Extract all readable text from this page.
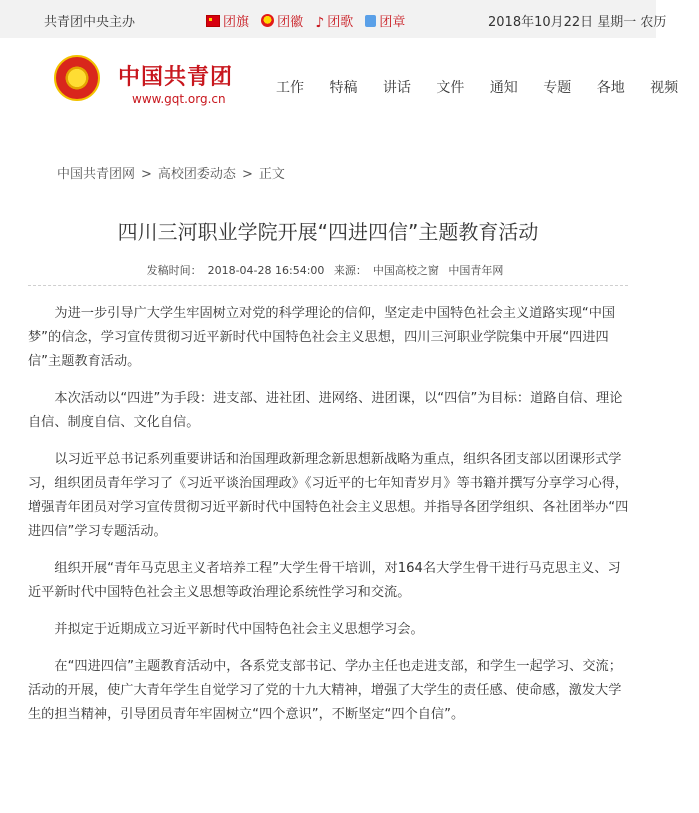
共青团中央主办	团旗 团徽 ♪ 团歌 团章	2018年10月22日 星期一 农历
中国共青团
www.gqt.org.cn
工作 特稿 讲话 文件 通知 专题 各地 视频
中国共青团网 > 高校团委动态 > 正文
四川三河职业学院开展“四进四信”主题教育活动
发稿时间： 2018-04-28 16:54:00 来源： 中国高校之窗 中国青年网

为进一步引导广大学生牢固树立对党的科学理论的信仰，坚定走中国特色社会主义道路实现“中国梦”的信念，学习宣传贯彻习近平新时代中国特色社会主义思想，四川三河职业学院集中开展“四进四信”主题教育活动。

本次活动以“四进”为手段：进支部、进社团、进网络、进团课，以“四信”为目标：道路自信、理论自信、制度自信、文化自信。

以习近平总书记系列重要讲话和治国理政新理念新思想新战略为重点，组织各团支部以团课形式学习，组织团员青年学习了《习近平谈治国理政》《习近平的七年知青岁月》等书籍并撰写分享学习心得，增强青年团员对学习宣传贯彻习近平新时代中国特色社会主义思想。并指导各团学组织、各社团举办“四进四信”学习专题活动。

组织开展“青年马克思主义者培养工程”大学生骨干培训，对164名大学生骨干进行马克思主义、习近平新时代中国特色社会主义思想等政治理论系统性学习和交流。

并拟定于近期成立习近平新时代中国特色社会主义思想学习会。

在“四进四信”主题教育活动中，各系党支部书记、学办主任也走进支部，和学生一起学习、交流；活动的开展，使广大青年学生自觉学习了党的十九大精神，增强了大学生的责任感、使命感，激发大学生的担当精神，引导团员青年牢固树立“四个意识”，不断坚定“四个自信”。
